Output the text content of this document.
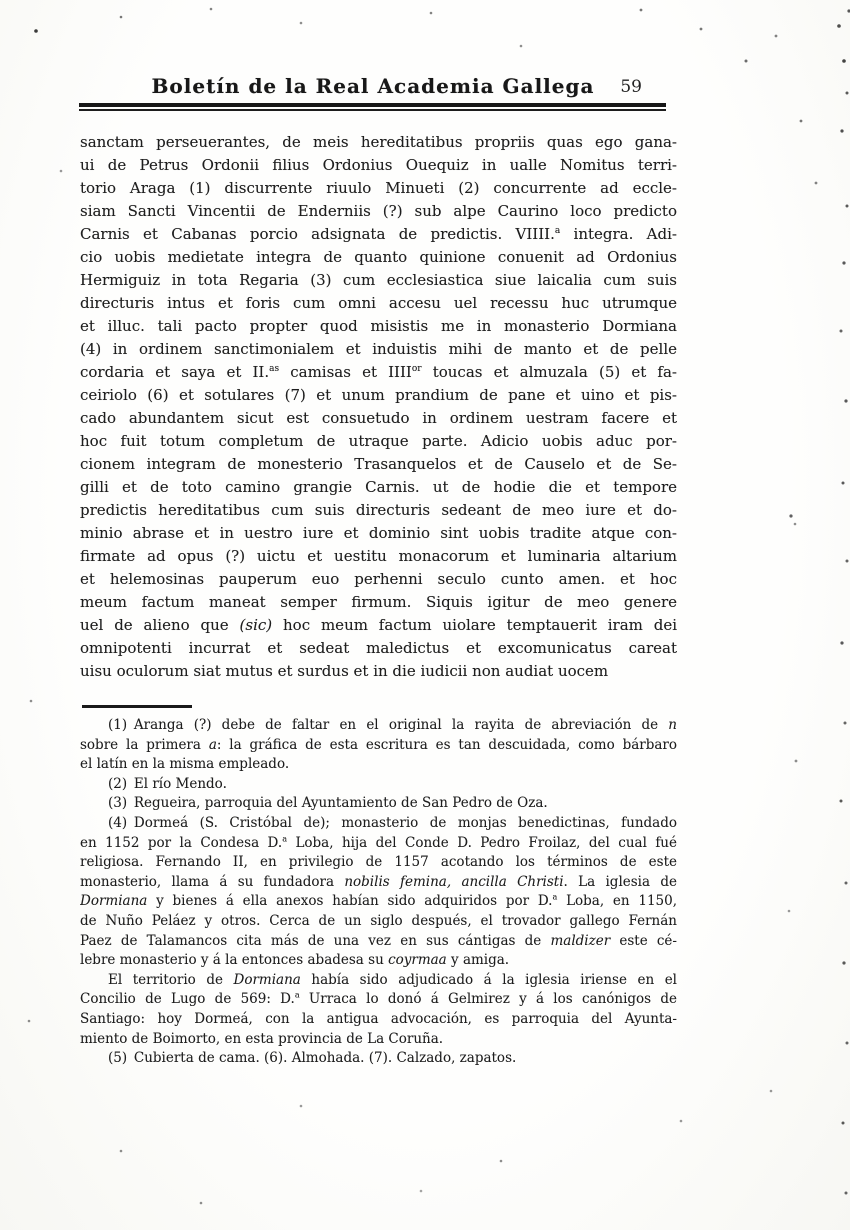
Boletín de la Real Academia Gallega	59
sanctam perseuerantes, de meis hereditatibus propriis quas ego gana-
ui de Petrus Ordonii filius Ordonius Ouequiz in ualle Nomitus terri-
torio Araga (1) discurrente riuulo Minueti (2) concurrente ad eccle-
siam Sancti Vincentii de Enderniis (?) sub alpe Caurino loco predicto
Carnis et Cabanas porcio adsignata de predictis. VIIII.$^a$ integra. Adi-
cio uobis medietate integra de quanto quinione conuenit ad Ordonius
Hermiguiz in tota Regaria (3) cum ecclesiastica siue laicalia cum suis
directuris intus et foris cum omni accesu uel recessu huc utrumque
et illuc. tali pacto propter quod misistis me in monasterio Dormiana
(4) in ordinem sanctimonialem et induistis mihi de manto et de pelle
cordaria et saya et II.$^{as}$ camisas et $IIII^{or}$ toucas et almuzala (5) et fa-
ceiriolo (6) et sotulares (7) et unum prandium de pane et uino et pis-
cado abundantem sicut est consuetudo in ordinem uestram facere et
hoc fuit totum completum de utraque parte. Adicio uobis aduc por-
cionem integram de monesterio Trasanquelos et de Causelo et de Se-
gilli et de toto camino grangie Carnis. ut de hodie die et tempore
predictis hereditatibus cum suis directuris sedeant de meo iure et do-
minio abrase et in uestro iure et dominio sint uobis tradite atque con-
firmate ad opus (?) uictu et uestitu monacorum et luminaria altarium
et helemosinas pauperum euo perhenni seculo cunto amen. et hoc
meum factum maneat semper firmum. Siquis igitur de meo genere
uel de alieno que (sic) hoc meum factum uiolare temptauerit iram dei
omnipotenti incurrat et sedeat maledictus et excomunicatus careat
uisu oculorum siat mutus et surdus et in die iudicii non audiat uocem
(1) Aranga (?) debe de faltar en el original la rayita de abreviación de n
sobre la primera a: la gráfica de esta escritura es tan descuidada, como bárbaro
el latín en la misma empleado.
(2) El río Mendo.
(3) Regueira, parroquia del Ayuntamiento de San Pedro de Oza.
(4) Dormeá (S. Cristóbal de); monasterio de monjas benedictinas, fundado
en 1152 por la Condesa D.$^a$ Loba, hija del Conde D. Pedro Froilaz, del cual fué
religiosa. Fernando II, en privilegio de 1157 acotando los términos de este
monasterio, llama á su fundadora nobilis femina, ancilla Christi. La iglesia de
Dormiana y bienes á ella anexos habían sido adquiridos por D.$^a$ Loba, en 1150,
de Nuño Peláez y otros. Cerca de un siglo después, el trovador gallego Fernán
Paez de Talamancos cita más de una vez en sus cántigas de maldizer este cé-
lebre monasterio y á la entonces abadesa su coyrmaa y amiga.
El territorio de Dormiana había sido adjudicado á la iglesia iriense en el
Concilio de Lugo de 569: D.$^a$ Urraca lo donó á Gelmirez y á los canónigos de
Santiago: hoy Dormeá, con la antigua advocación, es parroquia del Ayunta-
miento de Boimorto, en esta provincia de La Coruña.
(5) Cubierta de cama. (6). Almohada. (7). Calzado, zapatos.
